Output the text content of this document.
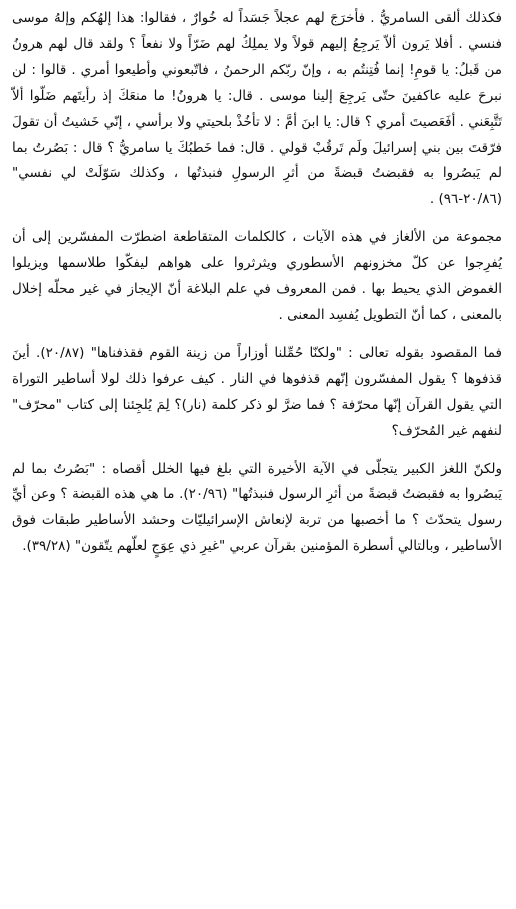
فكذلك ألقى السامريُّ . فأخرَجَ لهم عجلاً جَسَداً له خُوارٌ ، فقالوا: هذا إلهُكم وإلهُ موسى فنسي . أفلا يَرون ألاّ يَرجِعُ إليهم قولاً ولا يملِكُ لهم ضَرّاً ولا نفعاً ؟ ولقد قال لهم هرونُ من قَبلُ: يا قومِ! إنما فُتِنتُم به ، وإنّ ربّكم الرحمنُ ، فاتّبعوني وأطيعوا أمري . قالوا : لن نبرحَ عليه عاكفينَ حتّى يَرجِعَ إلينا موسى . قال: يا هرونُ! ما منعَكَ إذ رأيتَهم ضَلّوا ألاّ تَتَّبِعَني . أفَعَصيتَ أمري ؟ قال: يا ابنَ أمَّ : لا تأخُذْ بلحيتي ولا برأسي ، إنّي خَشيتُ أن تقولَ فرّقتَ بين بني إسرائيلَ ولَم تَرقُبْ قولي . قال: فما خَطبُكَ يا سامريُّ ؟ قال : بَصُرتُ بما لم يَبصُروا به فقبضتُ قبضةً من أثرِ الرسولِ فنبذتُها ، وكذلك سَوّلَتْ لي نفسي" (٢٠/٨٦-٩٦) .

مجموعة من الألغاز في هذه الآيات ، كالكلمات المتقاطعة اضطرّت المفسّرين إلى أن يُفرِجوا عن كلّ مخزونهم الأسطوري ويثرثروا على هواهم ليفكّوا طلاسمها ويزيلوا الغموض الذي يحيط بها . فمن المعروف في علم البلاغة أنّ الإيجاز في غير محلّه إخلال بالمعنى ، كما أنّ التطويل يُفسِد المعنى .

فما المقصود بقوله تعالى : "ولكنّا حُمِّلنا أوزاراً من زينة القوم فقذفناها" (٢٠/٨٧). أينَ قذفوها ؟ يقول المفسّرون إنّهم قذفوها في النار . كيف عرفوا ذلك لولا أساطير التوراة التي يقول القرآن إنّها محرّفة ؟ فما ضرَّ لو ذكر كلمة (نار)؟ لِمَ يُلجِئنا إلى كتاب "محرّف" لنفهم غير المُحرّف؟

ولكنّ اللغز الكبير يتجلّى في الآية الأخيرة التي بلغ فيها الخلل أقصاه : "بَصُرتُ بما لم يَبصُروا به فقبضتُ قبضةً من أثرِ الرسول فنبذتُها" (٢٠/٩٦). ما هي هذه القبضة ؟ وعن أيِّ رسول يتحدّث ؟ ما أخصبها من تربة لإنعاش الإسرائيليّات وحشد الأساطير طبقات فوق الأساطير ، وبالتالي أسطرة المؤمنين بقرآن عربي "غيرِ ذي عِوَجٍ لعلّهم يتّقون" (٣٩/٢٨).
